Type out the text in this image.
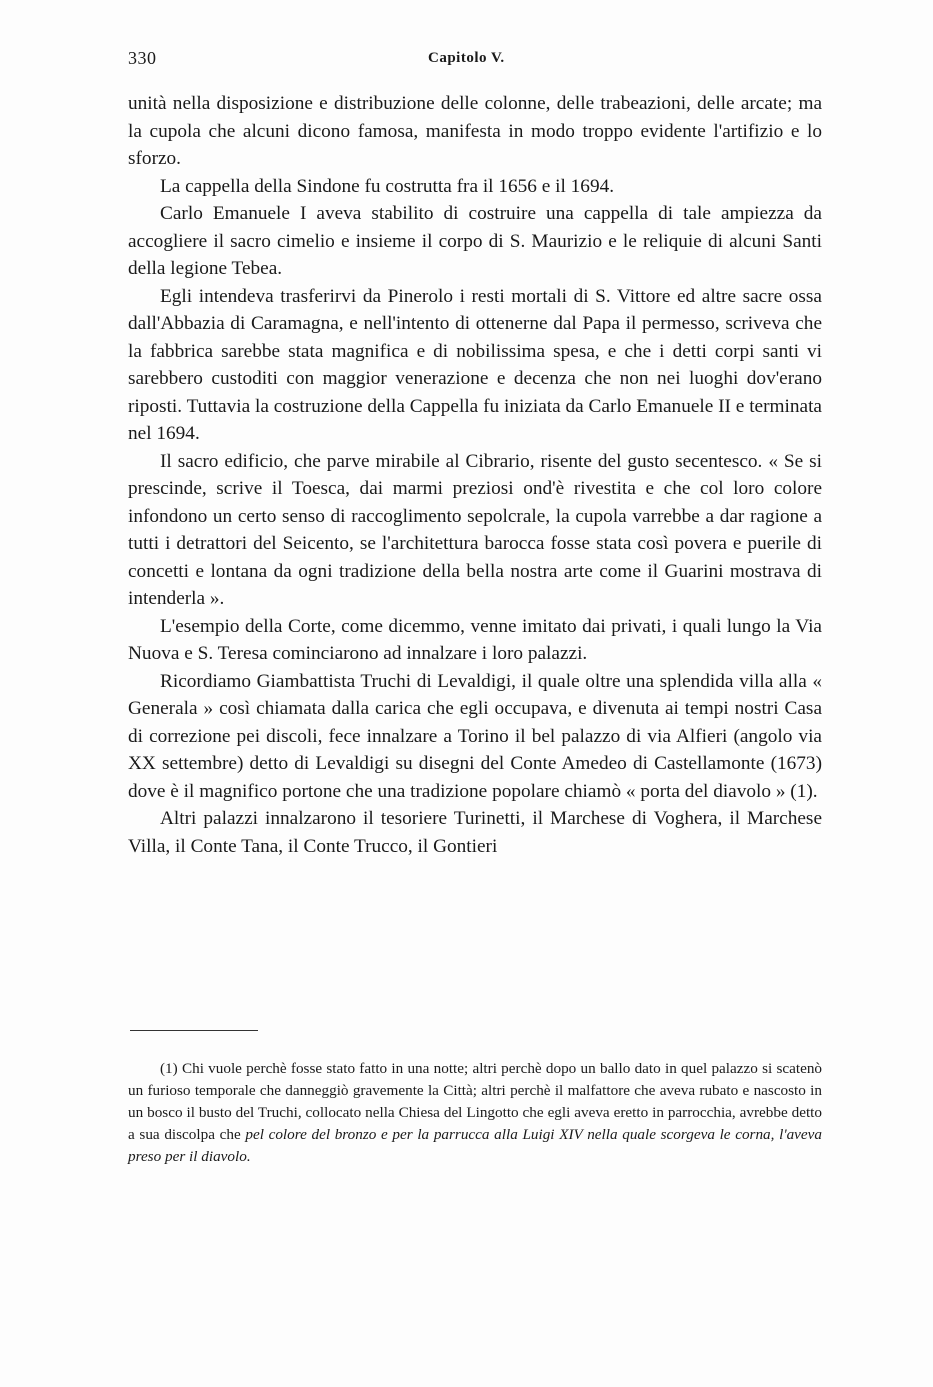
330	Capitolo V.

unità nella disposizione e distribuzione delle colonne, delle trabeazioni, delle arcate; ma la cupola che alcuni dicono famosa, manifesta in modo troppo evidente l'artifizio e lo sforzo.

La cappella della Sindone fu costrutta fra il 1656 e il 1694.

Carlo Emanuele I aveva stabilito di costruire una cappella di tale ampiezza da accogliere il sacro cimelio e insieme il corpo di S. Maurizio e le reliquie di alcuni Santi della legione Tebea.

Egli intendeva trasferirvi da Pinerolo i resti mortali di S. Vittore ed altre sacre ossa dall'Abbazia di Caramagna, e nell'intento di ottenerne dal Papa il permesso, scriveva che la fabbrica sarebbe stata magnifica e di nobilissima spesa, e che i detti corpi santi vi sarebbero custoditi con maggior venerazione e decenza che non nei luoghi dov'erano riposti. Tuttavia la costruzione della Cappella fu iniziata da Carlo Emanuele II e terminata nel 1694.

Il sacro edificio, che parve mirabile al Cibrario, risente del gusto secentesco. « Se si prescinde, scrive il Toesca, dai marmi preziosi ond'è rivestita e che col loro colore infondono un certo senso di raccoglimento sepolcrale, la cupola varrebbe a dar ragione a tutti i detrattori del Seicento, se l'architettura barocca fosse stata così povera e puerile di concetti e lontana da ogni tradizione della bella nostra arte come il Guarini mostrava di intenderla ».

L'esempio della Corte, come dicemmo, venne imitato dai privati, i quali lungo la Via Nuova e S. Teresa cominciarono ad innalzare i loro palazzi.

Ricordiamo Giambattista Truchi di Levaldigi, il quale oltre una splendida villa alla « Generala » così chiamata dalla carica che egli occupava, e divenuta ai tempi nostri Casa di correzione pei discoli, fece innalzare a Torino il bel palazzo di via Alfieri (angolo via XX settembre) detto di Levaldigi su disegni del Conte Amedeo di Castellamonte (1673) dove è il magnifico portone che una tradizione popolare chiamò « porta del diavolo » (1).

Altri palazzi innalzarono il tesoriere Turinetti, il Marchese di Voghera, il Marchese Villa, il Conte Tana, il Conte Trucco, il Gontieri

(1) Chi vuole perchè fosse stato fatto in una notte; altri perchè dopo un ballo dato in quel palazzo si scatenò un furioso temporale che danneggiò gravemente la Città; altri perchè il malfattore che aveva rubato e nascosto in un bosco il busto del Truchi, collocato nella Chiesa del Lingotto che egli aveva eretto in parrocchia, avrebbe detto a sua discolpa che pel colore del bronzo e per la parrucca alla Luigi XIV nella quale scorgeva le corna, l'aveva preso per il diavolo.
